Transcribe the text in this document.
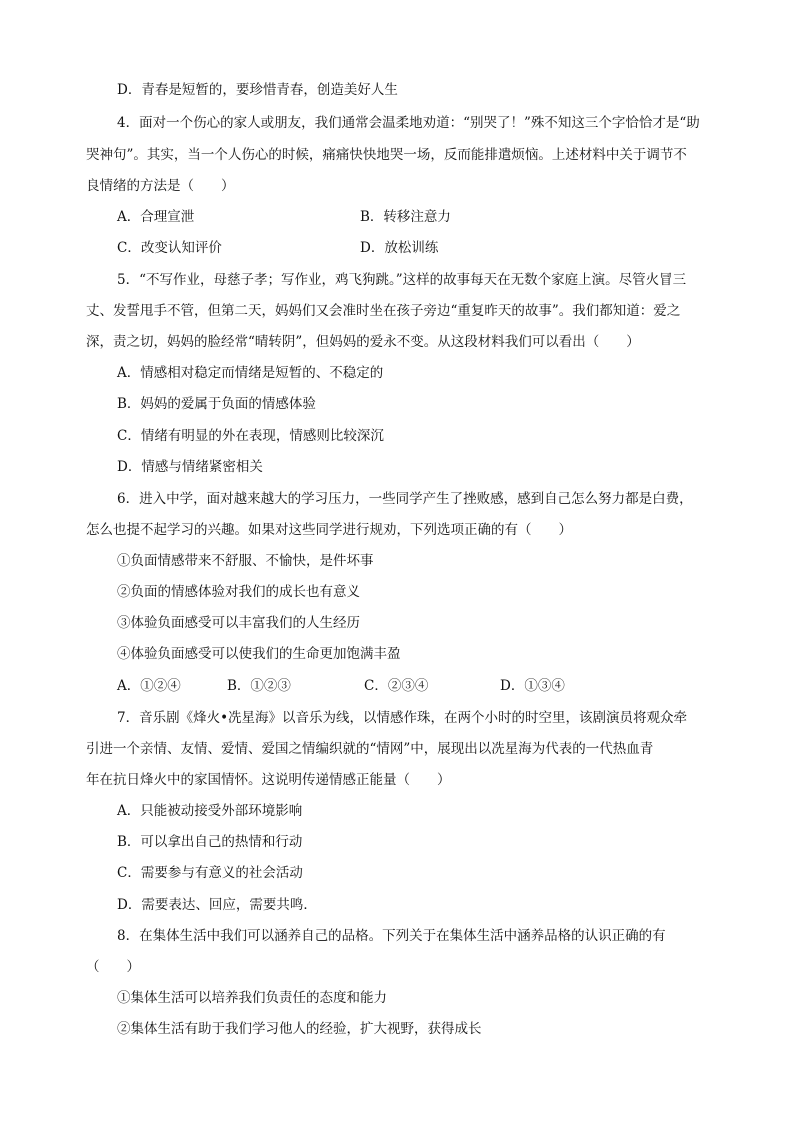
D．青春是短暂的，要珍惜青春，创造美好人生
4．面对一个伤心的家人或朋友，我们通常会温柔地劝道：“别哭了！”殊不知这三个字恰恰才是“助
哭神句”。其实，当一个人伤心的时候，痛痛快快地哭一场，反而能排遣烦恼。上述材料中关于调节不
良情绪的方法是（　　）
A．合理宣泄	B．转移注意力
C．改变认知评价	D．放松训练
5．“不写作业，母慈子孝；写作业，鸡飞狗跳。”这样的故事每天在无数个家庭上演。尽管火冒三
丈、发誓甩手不管，但第二天，妈妈们又会准时坐在孩子旁边“重复昨天的故事”。我们都知道：爱之
深，责之切，妈妈的脸经常“晴转阴”，但妈妈的爱永不变。从这段材料我们可以看出（　　）
A．情感相对稳定而情绪是短暂的、不稳定的
B．妈妈的爱属于负面的情感体验
C．情绪有明显的外在表现，情感则比较深沉
D．情感与情绪紧密相关
6．进入中学，面对越来越大的学习压力，一些同学产生了挫败感，感到自己怎么努力都是白费，
怎么也提不起学习的兴趣。如果对这些同学进行规劝，下列选项正确的有（　　）
①负面情感带来不舒服、不愉快，是件坏事
②负面的情感体验对我们的成长也有意义
③体验负面感受可以丰富我们的人生经历
④体验负面感受可以使我们的生命更加饱满丰盈
A．①②④	B．①②③	C．②③④	D．①③④
7．音乐剧《烽火•冼星海》以音乐为线，以情感作珠，在两个小时的时空里，该剧演员将观众牵
引进一个亲情、友情、爱情、爱国之情编织就的“情网”中，展现出以冼星海为代表的一代热血青
年在抗日烽火中的家国情怀。这说明传递情感正能量（　　）
A．只能被动接受外部环境影响
B．可以拿出自己的热情和行动
C．需要参与有意义的社会活动
D．需要表达、回应，需要共鸣．
8．在集体生活中我们可以涵养自己的品格。下列关于在集体生活中涵养品格的认识正确的有
（　　）
①集体生活可以培养我们负责任的态度和能力
②集体生活有助于我们学习他人的经验，扩大视野，获得成长
